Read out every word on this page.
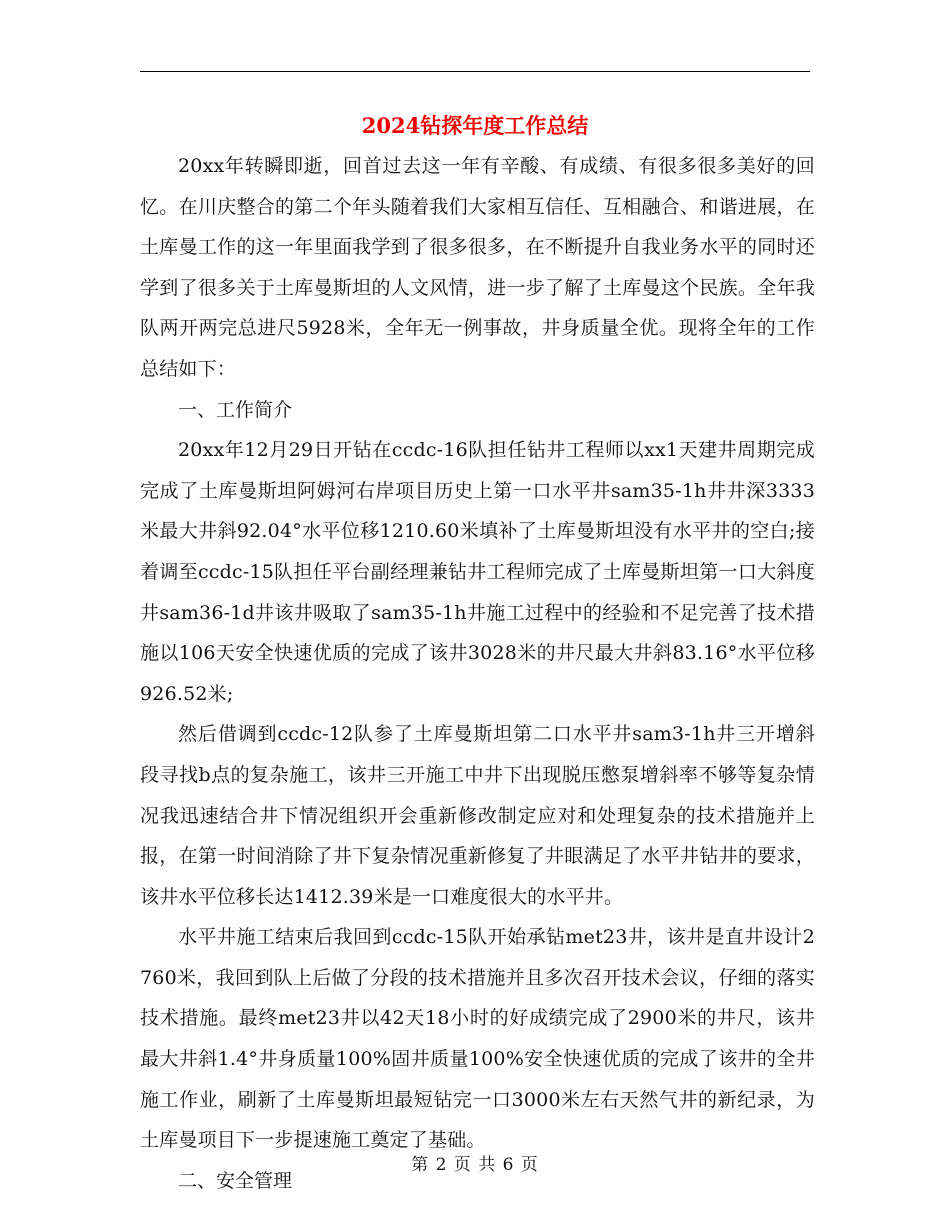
2024钻探年度工作总结

20xx年转瞬即逝，回首过去这一年有辛酸、有成绩、有很多很多美好的回忆。在川庆整合的第二个年头随着我们大家相互信任、互相融合、和谐进展，在土库曼工作的这一年里面我学到了很多很多，在不断提升自我业务水平的同时还学到了很多关于土库曼斯坦的人文风情，进一步了解了土库曼这个民族。全年我队两开两完总进尺5928米，全年无一例事故，井身质量全优。现将全年的工作总结如下：

一、工作简介

20xx年12月29日开钻在ccdc-16队担任钻井工程师以xx1天建井周期完成完成了土库曼斯坦阿姆河右岸项目历史上第一口水平井sam35-1h井井深3333米最大井斜92.04°水平位移1210.60米填补了土库曼斯坦没有水平井的空白;接着调至ccdc-15队担任平台副经理兼钻井工程师完成了土库曼斯坦第一口大斜度井sam36-1d井该井吸取了sam35-1h井施工过程中的经验和不足完善了技术措施以106天安全快速优质的完成了该井3028米的井尺最大井斜83.16°水平位移926.52米;

然后借调到ccdc-12队参了土库曼斯坦第二口水平井sam3-1h井三开增斜段寻找b点的复杂施工，该井三开施工中井下出现脱压憋泵增斜率不够等复杂情况我迅速结合井下情况组织开会重新修改制定应对和处理复杂的技术措施并上报，在第一时间消除了井下复杂情况重新修复了井眼满足了水平井钻井的要求，该井水平位移长达1412.39米是一口难度很大的水平井。

水平井施工结束后我回到ccdc-15队开始承钻met23井，该井是直井设计2760米，我回到队上后做了分段的技术措施并且多次召开技术会议，仔细的落实技术措施。最终met23井以42天18小时的好成绩完成了2900米的井尺，该井最大井斜1.4°井身质量100%固井质量100%安全快速优质的完成了该井的全井施工作业，刷新了土库曼斯坦最短钻完一口3000米左右天然气井的新纪录，为土库曼项目下一步提速施工奠定了基础。

二、安全管理

第 2 页 共 6 页
